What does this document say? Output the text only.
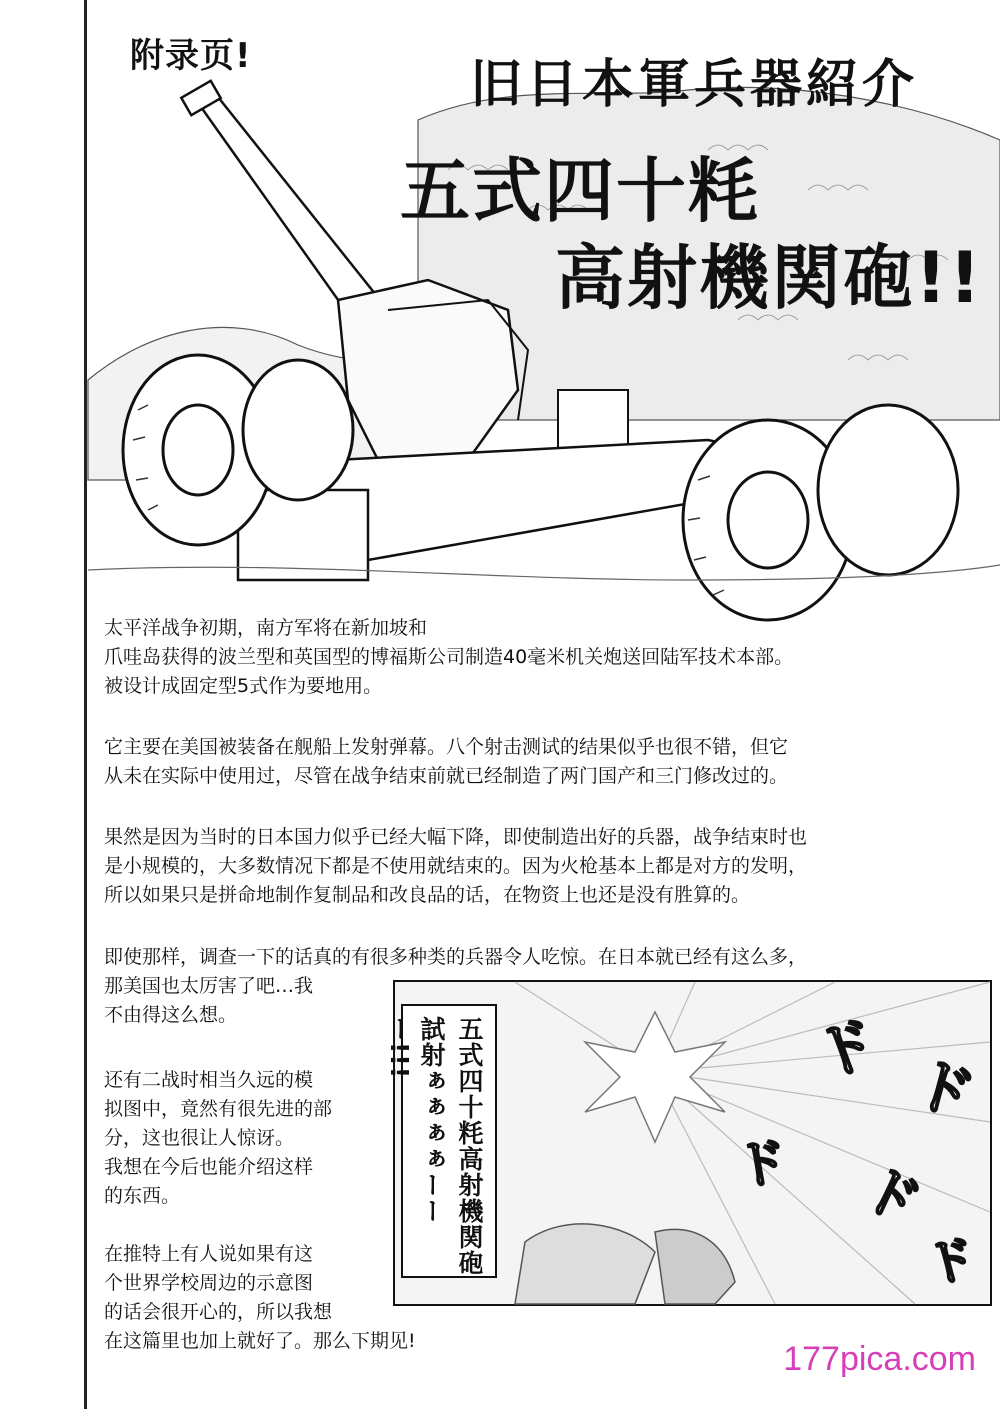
附录页!	旧日本軍兵器紹介
五式四十粍
高射機関砲!!
太平洋战争初期，南方军将在新加坡和
爪哇岛获得的波兰型和英国型的博福斯公司制造40毫米机关炮送回陆军技术本部。
被设计成固定型5式作为要地用。
它主要在美国被装备在舰船上发射弹幕。八个射击测试的结果似乎也很不错，但它
从未在实际中使用过，尽管在战争结束前就已经制造了两门国产和三门修改过的。
果然是因为当时的日本国力似乎已经大幅下降，即使制造出好的兵器，战争结束时也
是小规模的，大多数情况下都是不使用就结束的。因为火枪基本上都是对方的发明，
所以如果只是拼命地制作复制品和改良品的话，在物资上也还是没有胜算的。
即使那样，调查一下的话真的有很多种类的兵器令人吃惊。在日本就已经有这么多，
那美国也太厉害了吧…我
不由得这么想。
还有二战时相当久远的模
拟图中，竟然有很先进的部
分，这也很让人惊讶。
我想在今后也能介绍这样
的东西。
在推特上有人说如果有这
个世界学校周边的示意图
的话会很开心的，所以我想
在这篇里也加上就好了。那么下期见!
ド ド
ド ド
ド
五式四十粍高射機関砲
試射ぁぁぁぁーーー!!!
177pica.com
